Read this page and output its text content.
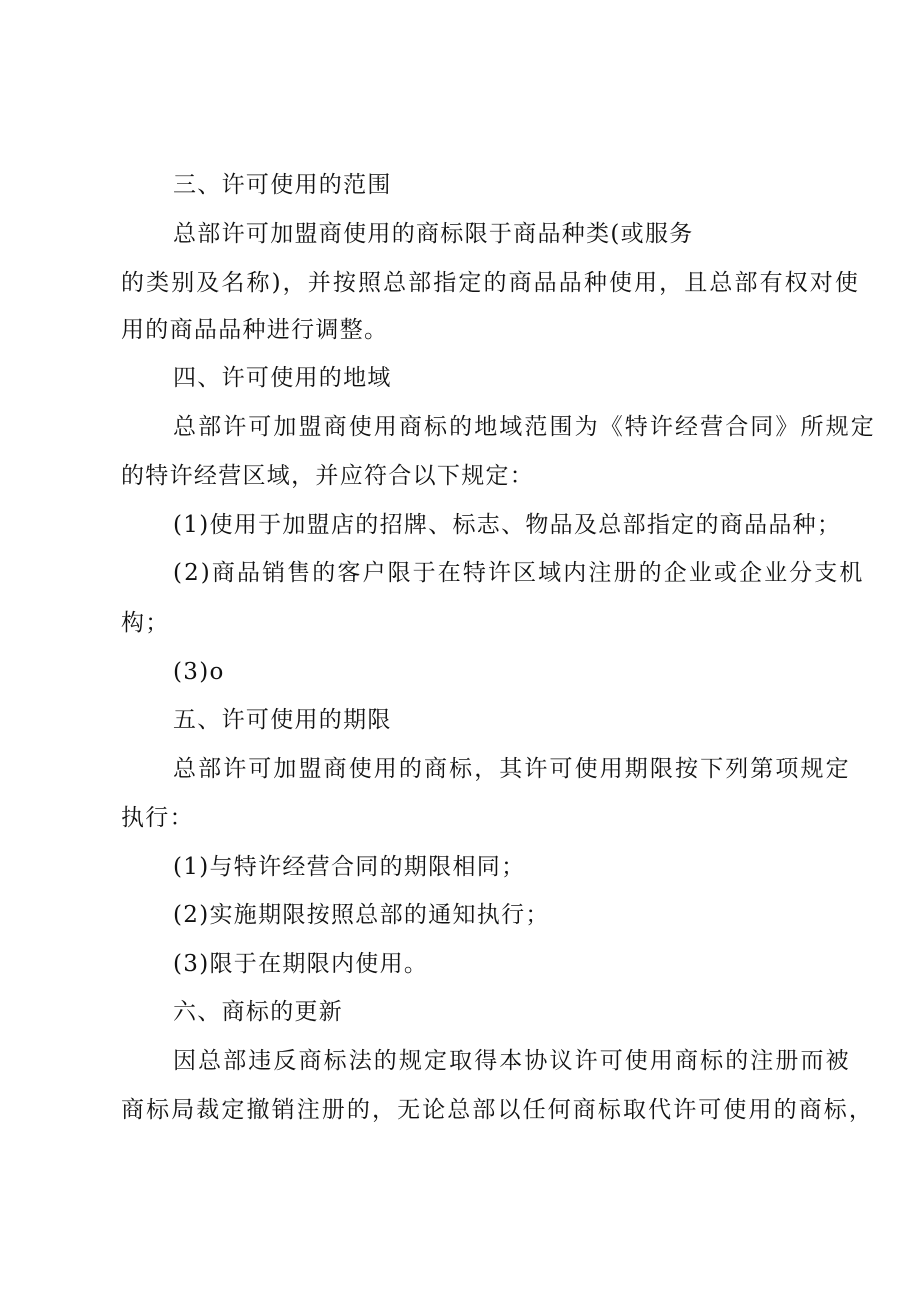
三、许可使用的范围
总部许可加盟商使用的商标限于商品种类(或服务
的类别及名称)，并按照总部指定的商品品种使用，且总部有权对使
用的商品品种进行调整。
四、许可使用的地域
总部许可加盟商使用商标的地域范围为《特许经营合同》所规定
的特许经营区域，并应符合以下规定：
(1)使用于加盟店的招牌、标志、物品及总部指定的商品品种；
(2)商品销售的客户限于在特许区域内注册的企业或企业分支机
构；
(3)o
五、许可使用的期限
总部许可加盟商使用的商标，其许可使用期限按下列第项规定
执行：
(1)与特许经营合同的期限相同；
(2)实施期限按照总部的通知执行；
(3)限于在期限内使用。
六、商标的更新
因总部违反商标法的规定取得本协议许可使用商标的注册而被
商标局裁定撤销注册的，无论总部以任何商标取代许可使用的商标，
